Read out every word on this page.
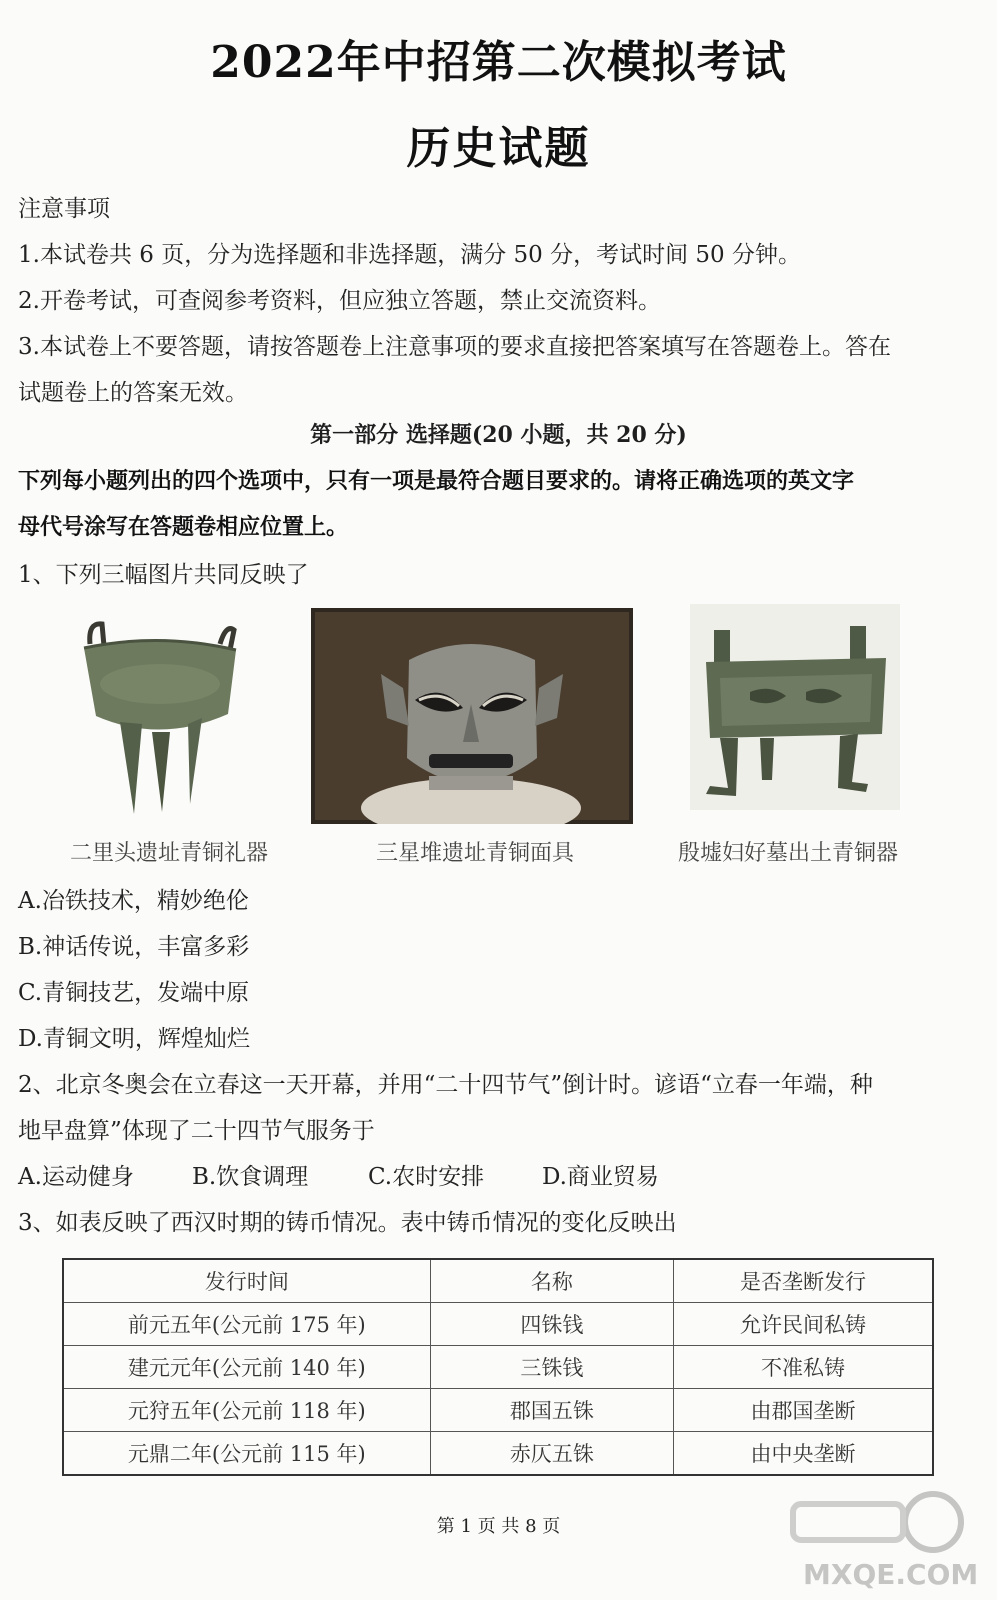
2022年中招第二次模拟考试
历史试题
注意事项
1.本试卷共 6 页，分为选择题和非选择题，满分 50 分，考试时间 50 分钟。
2.开卷考试，可查阅参考资料，但应独立答题，禁止交流资料。
3.本试卷上不要答题，请按答题卷上注意事项的要求直接把答案填写在答题卷上。答在
试题卷上的答案无效。
第一部分 选择题(20 小题，共 20 分)
下列每小题列出的四个选项中，只有一项是最符合题目要求的。请将正确选项的英文字
母代号涂写在答题卷相应位置上。
1、下列三幅图片共同反映了
二里头遗址青铜礼器	三星堆遗址青铜面具	殷墟妇好墓出土青铜器
A.冶铁技术，精妙绝伦
B.神话传说，丰富多彩
C.青铜技艺，发端中原
D.青铜文明，辉煌灿烂
2、北京冬奥会在立春这一天开幕，并用“二十四节气”倒计时。谚语“立春一年端，种
地早盘算”体现了二十四节气服务于
A.运动健身	B.饮食调理	C.农时安排	D.商业贸易
3、如表反映了西汉时期的铸币情况。表中铸币情况的变化反映出
发行时间	名称	是否垄断发行
前元五年(公元前 175 年)	四铢钱	允许民间私铸
建元元年(公元前 140 年)	三铢钱	不准私铸
元狩五年(公元前 118 年)	郡国五铢	由郡国垄断
元鼎二年(公元前 115 年)	赤仄五铢	由中央垄断
第 1 页 共 8 页
MXQE.COM
